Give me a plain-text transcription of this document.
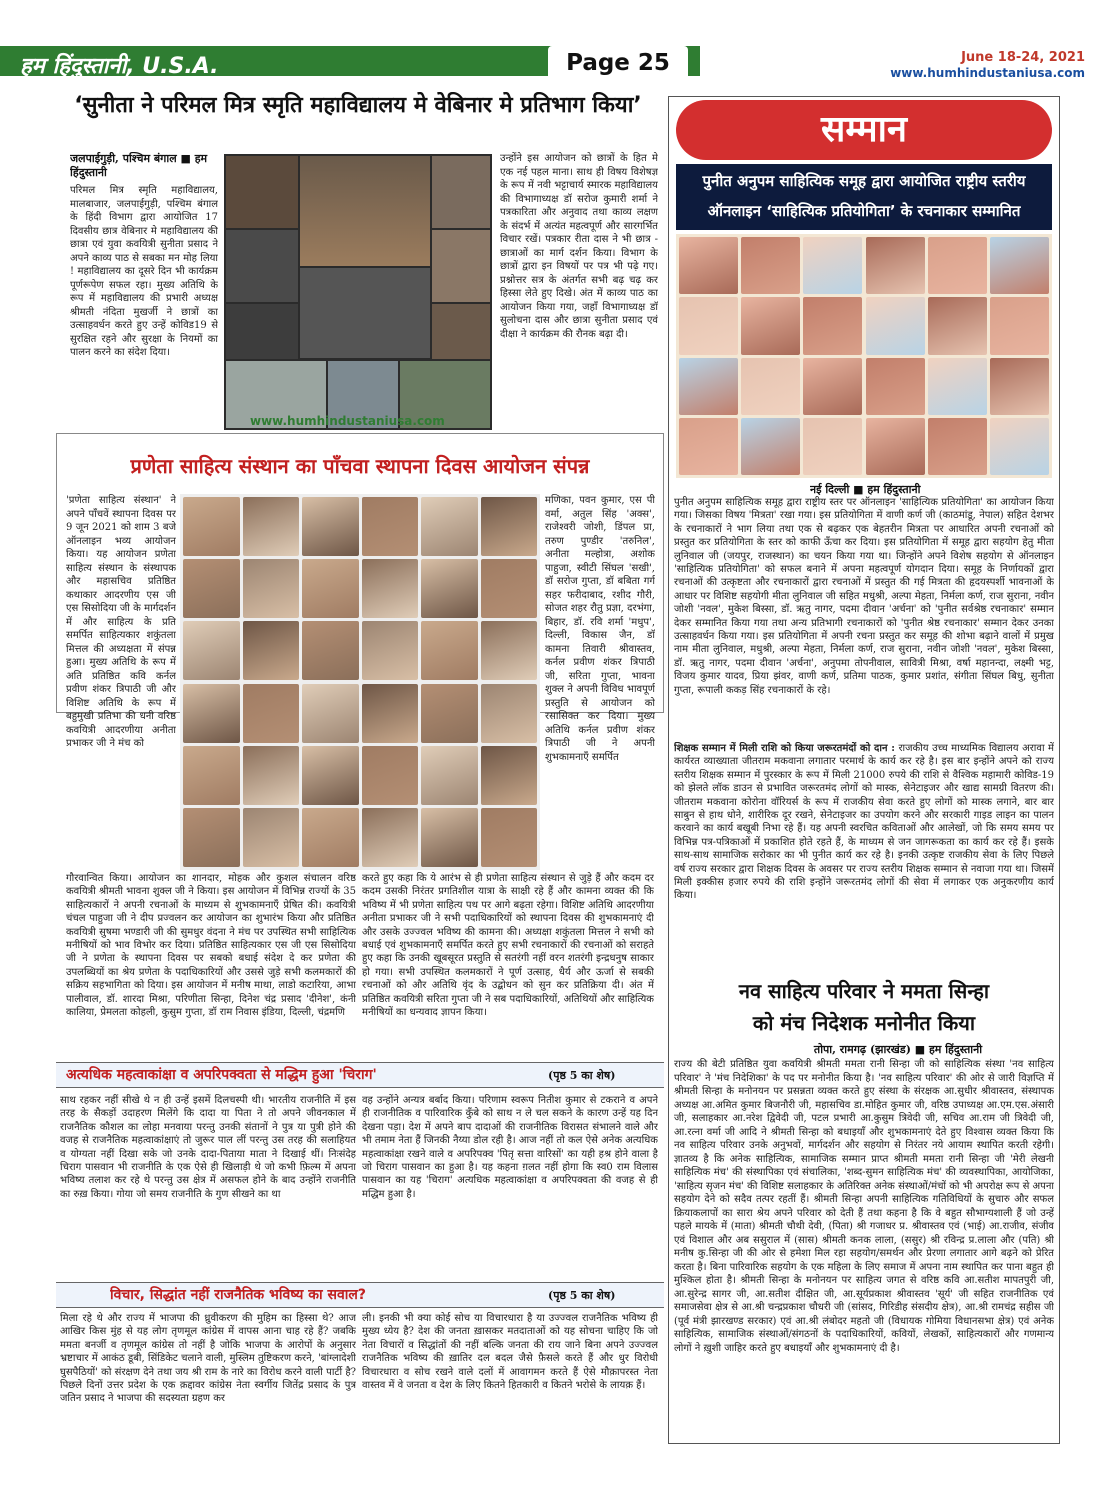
हम हिंदुस्तानी, U.S.A.	Page 25	June 18-24, 2021
www.humhindustaniusa.com
‘सुनीता ने परिमल मित्र स्मृति महाविद्यालय मे वेबिनार मे प्रतिभाग किया’
जलपाईगुड़ी, पश्चिम बंगाल ■ हम हिंदुस्तानी
परिमल मित्र स्मृति महाविद्यालय, मालबाजार, जलपाईगुड़ी, पश्चिम बंगाल के हिंदी विभाग द्वारा आयोजित 17 दिवसीय छात्र वेबिनार मे महाविद्यालय की छात्रा एवं युवा कवयित्री सुनीता प्रसाद ने अपने काव्य पाठ से सबका मन मोह लिया ! महाविद्यालय का दूसरे दिन भी कार्यक्रम पूर्णरूपेण सफल रहा। मुख्य अतिथि के रूप में महाविद्यालय की प्रभारी अध्यक्ष श्रीमती नंदिता मुखर्जी ने छात्रों का उत्साहवर्धन करते हुए उन्हें कोविड19 से सुरक्षित रहने और सुरक्षा के नियमों का पालन करने का संदेश दिया।
www.humhindustaniusa.com
उन्होंने इस आयोजन को छात्रों के हित मे एक नई पहल माना। साथ ही विषय विशेषज्ञ के रूप में नवी भट्टाचार्य स्मारक महाविद्यालय की विभागाध्यक्ष डॉ सरोज कुमारी शर्मा ने पत्रकारिता और अनुवाद तथा काव्य लक्षण के संदर्भ में अत्यंत महत्वपूर्ण और सारगर्भित विचार रखें। पत्रकार रीता दास ने भी छात्र - छात्राओं का मार्ग दर्शन किया। विभाग के छात्रों द्वारा इन विषयों पर पत्र भी पढ़े गए। प्रश्नोत्तर सत्र के अंतर्गत सभी बढ़ चढ़ कर हिस्सा लेते हुए दिखे। अंत में काव्य पाठ का आयोजन किया गया, जहाँ विभागाध्यक्ष डॉ सुलोचना दास और छात्रा सुनीता प्रसाद एवं दीक्षा ने कार्यक्रम की रौनक बढ़ा दी।
प्रणेता साहित्य संस्थान का पाँचवा स्थापना दिवस आयोजन संपन्न
'प्रणेता साहित्य संस्थान' ने अपने पाँचवें स्थापना दिवस पर 9 जून 2021 को शाम 3 बजे ऑनलाइन भव्य आयोजन किया। यह आयोजन प्रणेता साहित्य संस्थान के संस्थापक और महासचिव प्रतिष्ठित कथाकार आदरणीय एस जी एस सिसोदिया जी के मार्गदर्शन में और साहित्य के प्रति समर्पित साहित्यकार शकुंतला मित्तल की अध्यक्षता में संपन्न हुआ। मुख्य अतिथि के रूप में अति प्रतिष्ठित कवि कर्नल प्रवीण शंकर त्रिपाठी जी और विशिष्ट अतिथि के रूप में बहुमुखी प्रतिभा की धनी वरिष्ठ कवयित्री आदरणीया अनीता प्रभाकर जी ने मंच को
मणिका, पवन कुमार, एस पी वर्मा, अतुल सिंह 'अक्स', राजेश्वरी जोशी, डिंपल प्रा, तरुण पुण्डीर 'तरुनिल', अनीता मल्होत्रा, अशोक पाहुजा, स्वीटी सिंघल 'सखी', डॉ सरोज गुप्ता, डॉ बबिता गर्ग सहर फरीदाबाद, रशीद गौरी, सोजत शहर रौतु प्रज्ञा, दरभंगा, बिहार, डॉ. रवि शर्मा 'मधुप', दिल्ली, विकास जैन, डॉ कामना तिवारी श्रीवास्तव, कर्नल प्रवीण शंकर त्रिपाठी जी, सरिता गुप्ता, भावना शुक्ल ने अपनी विविध भावपूर्ण प्रस्तुति से आयोजन को रसासिक्त कर दिया। मुख्य अतिथि कर्नल प्रवीण शंकर त्रिपाठी जी ने अपनी शुभकामनाएँ समर्पित
गौरवान्वित किया। आयोजन का शानदार, मोहक और कुशल संचालन वरिष्ठ कवयित्री श्रीमती भावना शुक्ल जी ने किया। इस आयोजन में विभिन्न राज्यों के 35 साहित्यकारों ने अपनी रचनाओं के माध्यम से शुभकामनाएँ प्रेषित की। कवयित्री चंचल पाहुजा जी ने दीप प्रज्वलन कर आयोजन का शुभारंभ किया और प्रतिष्ठित कवयित्री सुषमा भण्डारी जी की सुमधुर वंदना ने मंच पर उपस्थित सभी साहित्यिक मनीषियों को भाव विभोर कर दिया। प्रतिष्ठित साहित्यकार एस जी एस सिसोदिया जी ने प्रणेता के स्थापना दिवस पर सबको बधाई संदेश दे कर प्रणेता की उपलब्धियों का श्रेय प्रणेता के पदाधिकारियों और उससे जुड़े सभी कलमकारों की सक्रिय सहभागिता को दिया। इस आयोजन में मनीष माथा, लाडो कटारिया, आभा पालीवाल, डॉ. शारदा मिश्रा, परिणीता सिन्हा, दिनेश चंद्र प्रसाद 'दीनेश', कंनी कालिया, प्रेमलता कोहली, कुसुम गुप्ता, डॉ राम निवास इंडिया, दिल्ली, चंद्रमणि
करते हुए कहा कि ये आरंभ से ही प्रणेता साहित्य संस्थान से जुड़े हैं और कदम दर कदम उसकी निरंतर प्रगतिशील यात्रा के साक्षी रहे हैं और कामना व्यक्त की कि भविष्य में भी प्रणेता साहित्य पथ पर आगे बढ़ता रहेगा। विशिष्ट अतिथि आदरणीया अनीता प्रभाकर जी ने सभी पदाधिकारियों को स्थापना दिवस की शुभकामनाएं दी और उसके उज्ज्वल भविष्य की कामना की। अध्यक्षा शकुंतला मित्तल ने सभी को बधाई एवं शुभकामनाएँ समर्पित करते हुए सभी रचनाकारों की रचनाओं को सराहते हुए कहा कि उनकी खूबसूरत प्रस्तुति से सतरंगी नहीं वरन शतरंगी इन्द्रधनुष साकार हो गया। सभी उपस्थित कलमकारों ने पूर्ण उत्साह, धैर्य और ऊर्जा से सबकी रचनाओं को और अतिथि वृंद के उद्बोधन को सुन कर प्रतिक्रिया दी। अंत में प्रतिष्ठित कवयित्री सरिता गुप्ता जी ने सब पदाधिकारियों, अतिथियों और साहित्यिक मनीषियों का धन्यवाद ज्ञापन किया।
अत्यधिक महत्वाकांक्षा व अपरिपक्वता से मद्धिम हुआ 'चिराग'	(पृष्ठ 5 का शेष)
साथ रहकर नहीं सीखे थे न ही उन्हें इसमें दिलचस्पी थी। भारतीय राजनीति में इस तरह के सैकड़ों उदाहरण मिलेंगे कि दादा या पिता ने तो अपने जीवनकाल में राजनैतिक कौशल का लोहा मनवाया परन्तु उनकी संतानों ने पुत्र या पुत्री होने की वजह से राजनैतिक महत्वाकांक्षाएं तो जुरूर पाल लीं परन्तु उस तरह की सलाहियत व योग्यता नहीं दिखा सके जो उनके दादा-पिताया माता ने दिखाई थीं। निःसंदेह चिराग पासवान भी राजनीति के एक ऐसे ही खिलाड़ी थे जो कभी फ़िल्म में अपना भविष्य तलाश कर रहे थे परन्तु उस क्षेत्र में असफल होने के बाद उन्होंने राजनीति का रुख़ किया। गोया जो समय राजनीति के गुण सीखने का था
वह उन्होंने अन्यत्र बर्बाद किया। परिणाम स्वरूप नितीश कुमार से टकराने व अपने ही राजनीतिक व पारिवारिक कुँबे को साथ न ले चल सकने के कारण उन्हें यह दिन देखना पड़ा। देश में अपने बाप दादाओं की राजनीतिक विरासत संभालने वाले और भी तमाम नेता हैं जिनकी नैय्या डोल रही है। आज नहीं तो कल ऐसे अनेक अत्यधिक महत्वाकांक्षा रखने वाले व अपरिपक्व 'पितृ सत्ता वारिसों' का यही हश्र होने वाला है जो चिराग पासवान का हुआ है। यह कहना ग़लत नहीं होगा कि स्व0 राम विलास पासवान का यह 'चिराग' अत्यधिक महत्वाकांक्षा व अपरिपक्वता की वजह से ही मद्धिम हुआ है।
विचार, सिद्धांत नहीं राजनैतिक भविष्य का सवाल?	(पृष्ठ 5 का शेष)
मिला रहे थे और राज्य में भाजपा की ध्रुवीकरण की मुहिम का हिस्सा थे? आज आखिर किस मुंह से यह लोग तृणमूल कांग्रेस में वापस आना चाह रहे हैं? जबकि ममता बनर्जी व तृणमूल कांग्रेस तो नहीं है जोकि भाजपा के आरोपों के अनुसार भ्रष्टाचार में आकंठ डूबी, सिंडिकेट चलाने वाली, मुस्लिम तुष्टिकरण करने, 'बांग्लादेशी घुसपैठियों' को संरक्षण देने तथा जय श्री राम के नारे का विरोध करने वाली पार्टी है? पिछले दिनों उत्तर प्रदेश के एक क़द्दावर कांग्रेस नेता स्वर्गीय जितेंद्र प्रसाद के पुत्र जतिन प्रसाद ने भाजपा की सदस्यता ग्रहण कर
ली। इनकी भी क्या कोई सोच या विचारधारा है या उज्ज्वल राजनैतिक भविष्य ही मुख्य ध्येय है? देश की जनता ख़ासकर मतदाताओं को यह सोचना चाहिए कि जो नेता विचारों व सिद्धांतों की नहीं बल्कि जनता की राय जाने बिना अपने उज्ज्वल राजनैतिक भविष्य की ख़ातिर दल बदल जैसे फ़ैसले करते हैं और धुर विरोधी विचारधारा व सोच रखने वाले दलों में आवागमन करते हैं ऐसे मौक़ापरस्त नेता वास्तव में वे जनता व देश के लिए कितने हितकारी व कितने भरोसे के लायक़ हैं।
सम्मान
पुनीत अनुपम साहित्यिक समूह द्वारा आयोजित राष्ट्रीय स्तरीय ऑनलाइन ‘साहित्यिक प्रतियोगिता’ के रचनाकार सम्मानित
नई दिल्ली ■ हम हिंदुस्तानी
पुनीत अनुपम साहित्यिक समूह द्वारा राष्ट्रीय स्तर पर ऑनलाइन 'साहित्यिक प्रतियोगिता' का आयोजन किया गया। जिसका विषय 'मित्रता' रखा गया। इस प्रतियोगिता में वाणी कर्ण जी (काठमांडू, नेपाल) सहित देशभर के रचनाकारों ने भाग लिया तथा एक से बढ़कर एक बेहतरीन मित्रता पर आधारित अपनी रचनाओं को प्रस्तुत कर प्रतियोगिता के स्तर को काफी ऊँचा कर दिया। इस प्रतियोगिता में समूह द्वारा सहयोग हेतु मीता लुनिवाल जी (जयपुर, राजस्थान) का चयन किया गया था। जिन्होंने अपने विशेष सहयोग से ऑनलाइन 'साहित्यिक प्रतियोगिता' को सफल बनाने में अपना महत्वपूर्ण योगदान दिया। समूह के निर्णायकों द्वारा रचनाओं की उत्कृष्टता और रचनाकारों द्वारा रचनाओं में प्रस्तुत की गई मित्रता की हृदयस्पर्शी भावनाओं के आधार पर विशिष्ट सहयोगी मीता लुनिवाल जी सहित मधुश्री, अल्पा मेहता, निर्मला कर्ण, राज सुराना, नवीन जोशी 'नवल', मुकेश बिस्सा, डॉ. ऋतु नागर, पदमा दीवान 'अर्चना' को 'पुनीत सर्वश्रेष्ठ रचनाकार' सम्मान देकर सम्मानित किया गया तथा अन्य प्रतिभागी रचनाकारों को 'पुनीत श्रेष्ठ रचनाकार' सम्मान देकर उनका उत्साहवर्धन किया गया। इस प्रतियोगिता में अपनी रचना प्रस्तुत कर समूह की शोभा बढ़ाने वालों में प्रमुख नाम मीता लुनिवाल, मधुश्री, अल्पा मेहता, निर्मला कर्ण, राज सुराना, नवीन जोशी 'नवल', मुकेश बिस्सा, डॉ. ऋतु नागर, पदमा दीवान 'अर्चना', अनुपमा तोपनीवाल, सावित्री मिश्रा, वर्षा महानन्दा, लक्ष्मी भट्ट, विजय कुमार यादव, प्रिया झंवर, वाणी कर्ण, प्रतिमा पाठक, कुमार प्रशांत, संगीता सिंघल बिधु, सुनीता गुप्ता, रूपाली ककड़ सिंह रचनाकारों के रहे।
शिक्षक सम्मान में मिली राशि को किया जरूरतमंदों को दान : राजकीय उच्च माध्यमिक विद्यालय अरावा में कार्यरत व्याख्याता जीतराम मकवाना लगातार परमार्थ के कार्य कर रहे है। इस बार इन्होंने अपने को राज्य स्तरीय शिक्षक सम्मान में पुरस्कार के रूप में मिली 21000 रुपये की राशि से वैश्विक महामारी कोविड-19 को झेलते लॉक डाउन से प्रभावित जरूरतमंद लोगों को मास्क, सेनेटाइजर और खाद्य सामग्री वितरण की। जीतराम मकवाना कोरोना वॉरियर्स के रूप में राजकीय सेवा करते हुए लोगों को मास्क लगाने, बार बार साबुन से हाथ धोने, शारीरिक दूर रखने, सेनेटाइजर का उपयोग करने और सरकारी गाइड लाइन का पालन करवाने का कार्य बखूबी निभा रहे हैं। यह अपनी स्वरचित कविताओं और आलेखों, जो कि समय समय पर विभिन्न पत्र-पत्रिकाओं में प्रकाशित होते रहते हैं, के माध्यम से जन जागरूकता का कार्य कर रहे हैं। इसके साथ-साथ सामाजिक सरोकार का भी पुनीत कार्य कर रहे है। इनकी उत्कृष्ट राजकीय सेवा के लिए पिछले वर्ष राज्य सरकार द्वारा शिक्षक दिवस के अवसर पर राज्य स्तरीय शिक्षक सम्मान से नवाजा गया था। जिसमें मिली इक्कीस हजार रुपये की राशि इन्होंने जरूरतमंद लोगों की सेवा में लगाकर एक अनुकरणीय कार्य किया।
नव साहित्य परिवार ने ममता सिन्हा
को मंच निदेशक मनोनीत किया
तोपा, रामगढ़ (झारखंड) ■ हम हिंदुस्तानी
राज्य की बेटी प्रतिष्ठित युवा कवयित्री श्रीमती ममता रानी सिन्हा जी को साहित्यिक संस्था 'नव साहित्य परिवार' ने 'मंच निदेशिका' के पद पर मनोनीत किया है। 'नव साहित्य परिवार' की ओर से जारी विज्ञप्ति में श्रीमती सिन्हा के मनोनयन पर प्रसन्नता व्यक्त करते हुए संस्था के संरक्षक आ.सुधीर श्रीवास्तव, संस्थापक अध्यक्ष आ.अमित कुमार बिजनौरी जी, महासचिव डा.मोहित कुमार जी, वरिष्ठ उपाध्यक्ष आ.एम.एस.अंसारी जी, सलाहकार आ.नरेश द्विवेदी जी, पटल प्रभारी आ.कुसुम त्रिवेदी जी, सचिव आ.राम जी त्रिवेदी जी, आ.रत्ना वर्मा जी आदि ने श्रीमती सिन्हा को बधाइयाँ और शुभकामनाएं देते हुए विश्वास व्यक्त किया कि नव साहित्य परिवार उनके अनुभवों, मार्गदर्शन और सहयोग से निरंतर नये आयाम स्थापित करती रहेगी। ज्ञातव्य है कि अनेक साहित्यिक, सामाजिक सम्मान प्राप्त श्रीमती ममता रानी सिन्हा जी 'मेरी लेखनी साहित्यिक मंच' की संस्थापिका एवं संचालिका, 'शब्द-सुमन साहित्यिक मंच' की व्यवस्थापिका, आयोजिका, 'साहित्य सृजन मंच' की विशिष्ट सलाहकार के अतिरिक्त अनेक संस्थाओं/मंचों को भी अपरोक्ष रूप से अपना सहयोग देने को सदैव तत्पर रहतीं हैं। श्रीमती सिन्हा अपनी साहित्यिक गतिविधियों के सुचारु और सफल क्रियाकलापों का सारा श्रेय अपने परिवार को देती हैं तथा कहना है कि वे बहुत सौभाग्यशाली हैं जो उन्हें पहले मायके में (माता) श्रीमती चौथी देवी, (पिता) श्री गजाधर प्र. श्रीवास्तव एवं (भाई) आ.राजीव, संजीव एवं विशाल और अब ससुराल में (सास) श्रीमती कनक लाला, (ससुर) श्री रविन्द्र प्र.लाला और (पति) श्री मनीष कु.सिन्हा जी की ओर से हमेशा मिल रहा सहयोग/समर्थन और प्रेरणा लगातार आगे बढ़ने को प्रेरित करता है। बिना पारिवारिक सहयोग के एक महिला के लिए समाज में अपना नाम स्थापित कर पाना बहुत ही मुश्किल होता है। श्रीमती सिन्हा के मनोनयन पर साहित्य जगत से वरिष्ठ कवि आ.सतीश मापतपुरी जी, आ.सुरेन्द्र सागर जी, आ.सतीश दीक्षित जी, आ.सूर्यप्रकाश श्रीवास्तव 'सूर्य' जी सहित राजनीतिक एवं समाजसेवा क्षेत्र से आ.श्री चन्द्रप्रकाश चौधरी जी (सांसद, गिरिडीह संसदीय क्षेत्र), आ.श्री रामचंद्र सहीस जी (पूर्व मंत्री झारखण्ड सरकार) एवं आ.श्री लंबोदर महतो जी (विधायक गोमिया विधानसभा क्षेत्र) एवं अनेक साहित्यिक, सामाजिक संस्थाओं/संगठनों के पदाधिकारियों, कवियों, लेखकों, साहित्यकारों और गणमान्य लोगों ने ख़ुशी जाहिर करते हुए बधाइयाँ और शुभकामनाएं दी है।
